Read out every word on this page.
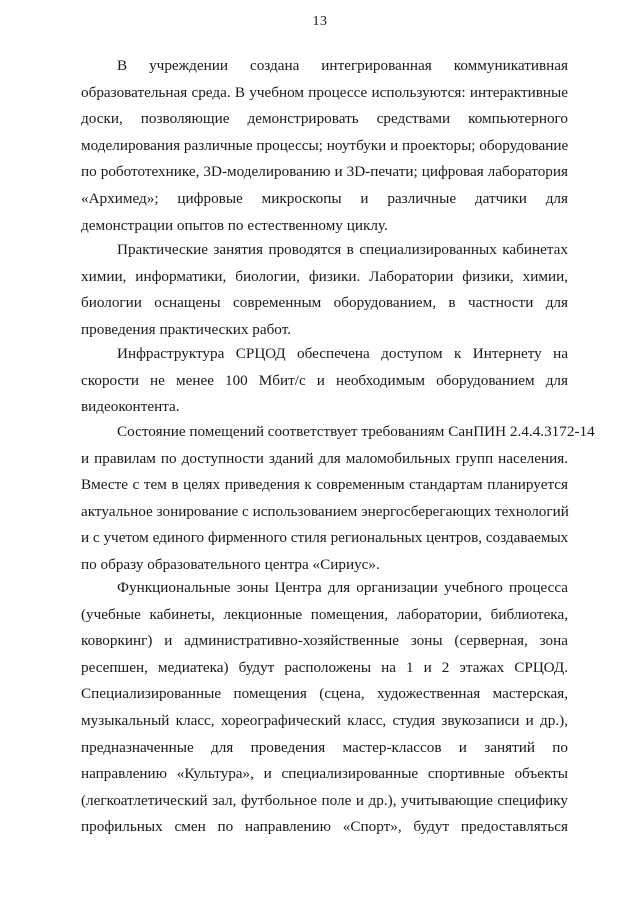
13
В учреждении создана интегрированная коммуникативная
образовательная среда. В учебном процессе используются: интерактивные
доски, позволяющие демонстрировать средствами компьютерного
моделирования различные процессы; ноутбуки и проекторы; оборудование
по робототехнике, 3D-моделированию и 3D-печати; цифровая лаборатория
«Архимед»; цифровые микроскопы и различные датчики для
демонстрации опытов по естественному циклу.
Практические занятия проводятся в специализированных кабинетах
химии, информатики, биологии, физики. Лаборатории физики, химии,
биологии оснащены современным оборудованием, в частности для
проведения практических работ.
Инфраструктура СРЦОД обеспечена доступом к Интернету на
скорости не менее 100 Мбит/с и необходимым оборудованием для
видеоконтента.
Состояние помещений соответствует требованиям СанПИН 2.4.4.3172-14
и правилам по доступности зданий для маломобильных групп населения.
Вместе с тем в целях приведения к современным стандартам планируется
актуальное зонирование с использованием энергосберегающих технологий
и с учетом единого фирменного стиля региональных центров, создаваемых
по образу образовательного центра «Сириус».
Функциональные зоны Центра для организации учебного процесса
(учебные кабинеты, лекционные помещения, лаборатории, библиотека,
коворкинг) и административно-хозяйственные зоны (серверная, зона
ресепшен, медиатека) будут расположены на 1 и 2 этажах СРЦОД.
Специализированные помещения (сцена, художественная мастерская,
музыкальный класс, хореографический класс, студия звукозаписи и др.),
предназначенные для проведения мастер-классов и занятий по
направлению «Культура», и специализированные спортивные объекты
(легкоатлетический зал, футбольное поле и др.), учитывающие специфику
профильных смен по направлению «Спорт», будут предоставляться
